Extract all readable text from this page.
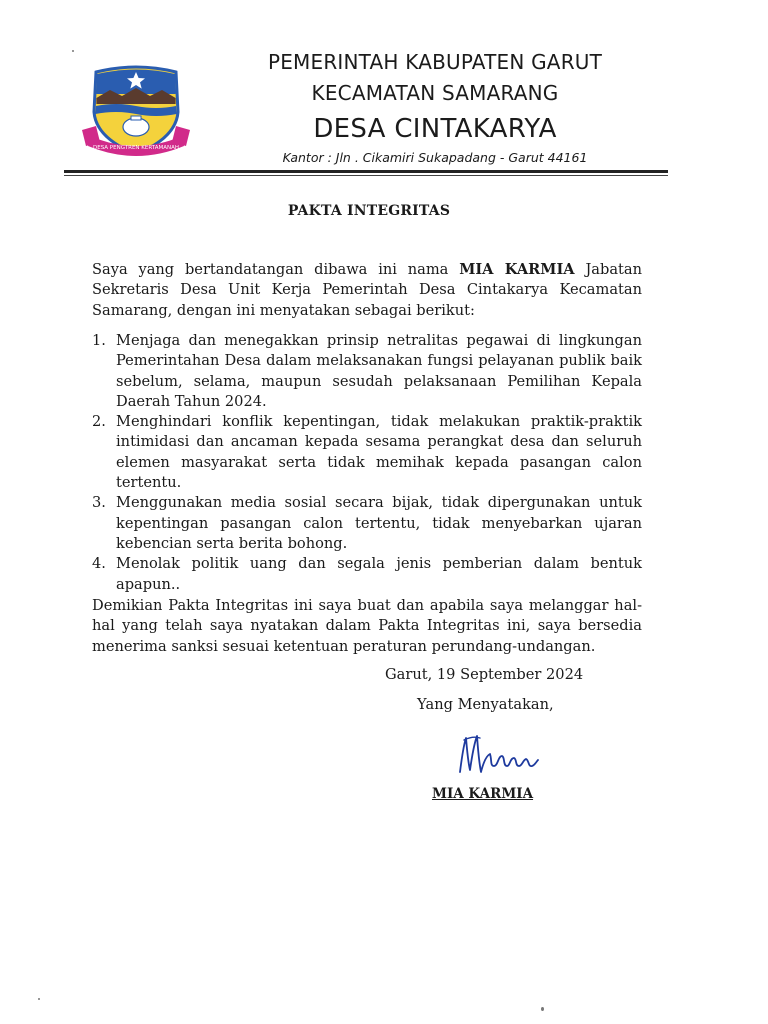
DESA PENGTREN KERTAMANAH
PEMERINTAH KABUPATEN GARUT
KECAMATAN SAMARANG
DESA CINTAKARYA
Kantor : Jln . Cikamiri Sukapadang - Garut 44161
PAKTA INTEGRITAS
Saya yang bertandatangan dibawa ini nama MIA KARMIA Jabatan Sekretaris Desa Unit Kerja Pemerintah Desa Cintakarya Kecamatan Samarang, dengan ini menyatakan sebagai berikut:
1. Menjaga dan menegakkan prinsip netralitas pegawai di lingkungan Pemerintahan Desa dalam melaksanakan fungsi pelayanan publik baik sebelum, selama, maupun sesudah pelaksanaan Pemilihan Kepala Daerah Tahun 2024.
2. Menghindari konflik kepentingan, tidak melakukan praktik-praktik intimidasi dan ancaman kepada sesama perangkat desa dan seluruh elemen masyarakat serta tidak memihak kepada pasangan calon tertentu.
3. Menggunakan media sosial secara bijak, tidak dipergunakan untuk kepentingan pasangan calon tertentu, tidak menyebarkan ujaran kebencian serta berita bohong.
4. Menolak politik uang dan segala jenis pemberian dalam bentuk apapun..
Demikian Pakta Integritas ini saya buat dan apabila saya melanggar hal-hal yang telah saya nyatakan dalam Pakta Integritas ini, saya bersedia menerima sanksi sesuai ketentuan peraturan perundang-undangan.
Garut, 19 September 2024
Yang Menyatakan,
MIA KARMIA
